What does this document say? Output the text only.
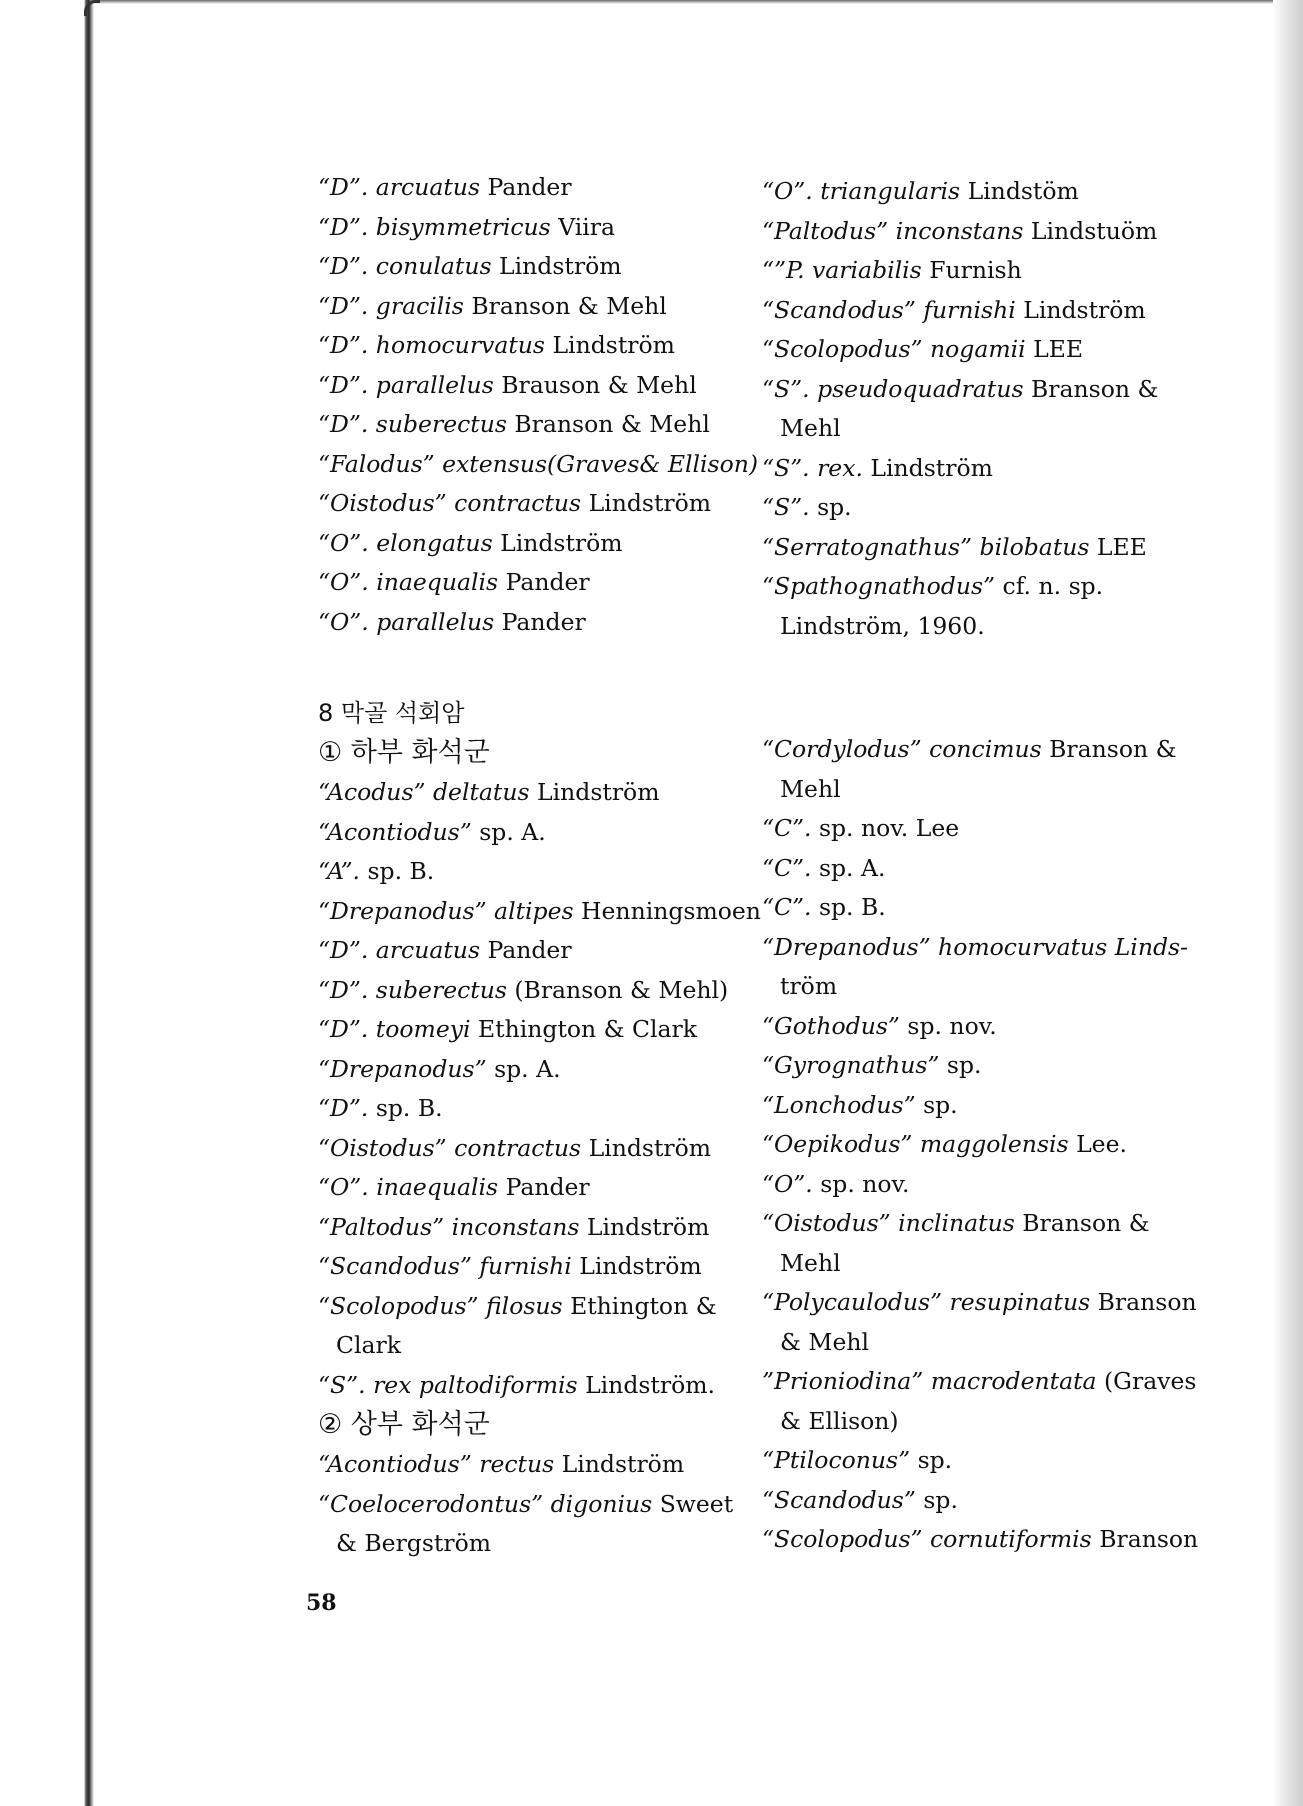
“D”. arcuatus Pander
“D”. bisymmetricus Viira
“D”. conulatus Lindström
“D”. gracilis Branson & Mehl
“D”. homocurvatus Lindström
“D”. parallelus Brauson & Mehl
“D”. suberectus Branson & Mehl
“Falodus” extensus(Graves& Ellison)
“Oistodus” contractus Lindström
“O”. elongatus Lindström
“O”. inaequalis Pander
“O”. parallelus Pander
“O”. triangularis Lindstöm
“Paltodus” inconstans Lindstuöm
“”P. variabilis Furnish
“Scandodus” furnishi Lindström
“Scolopodus” nogamii LEE
“S”. pseudoquadratus Branson &
Mehl
“S”. rex. Lindström
“S”. sp.
“Serratognathus” bilobatus LEE
“Spathognathodus” cf. n. sp.
Lindström, 1960.
8 막골 석회암
① 하부 화석군
“Acodus” deltatus Lindström
“Acontiodus” sp. A.
“A”. sp. B.
“Drepanodus” altipes Henningsmoen
“D”. arcuatus Pander
“D”. suberectus (Branson & Mehl)
“D”. toomeyi Ethington & Clark
“Drepanodus” sp. A.
“D”. sp. B.
“Oistodus” contractus Lindström
“O”. inaequalis Pander
“Paltodus” inconstans Lindström
“Scandodus” furnishi Lindström
“Scolopodus” filosus Ethington &
Clark
“S”. rex paltodiformis Lindström.
② 상부 화석군
“Acontiodus” rectus Lindström
“Coelocerodontus” digonius Sweet
& Bergström
“Cordylodus” concimus Branson &
Mehl
“C”. sp. nov. Lee
“C”. sp. A.
“C”. sp. B.
“Drepanodus” homocurvatus Linds-
tröm
“Gothodus” sp. nov.
“Gyrognathus” sp.
“Lonchodus” sp.
“Oepikodus” maggolensis Lee.
“O”. sp. nov.
“Oistodus” inclinatus Branson &
Mehl
“Polycaulodus” resupinatus Branson
& Mehl
”Prioniodina” macrodentata (Graves
& Ellison)
“Ptiloconus” sp.
“Scandodus” sp.
“Scolopodus” cornutiformis Branson
58
